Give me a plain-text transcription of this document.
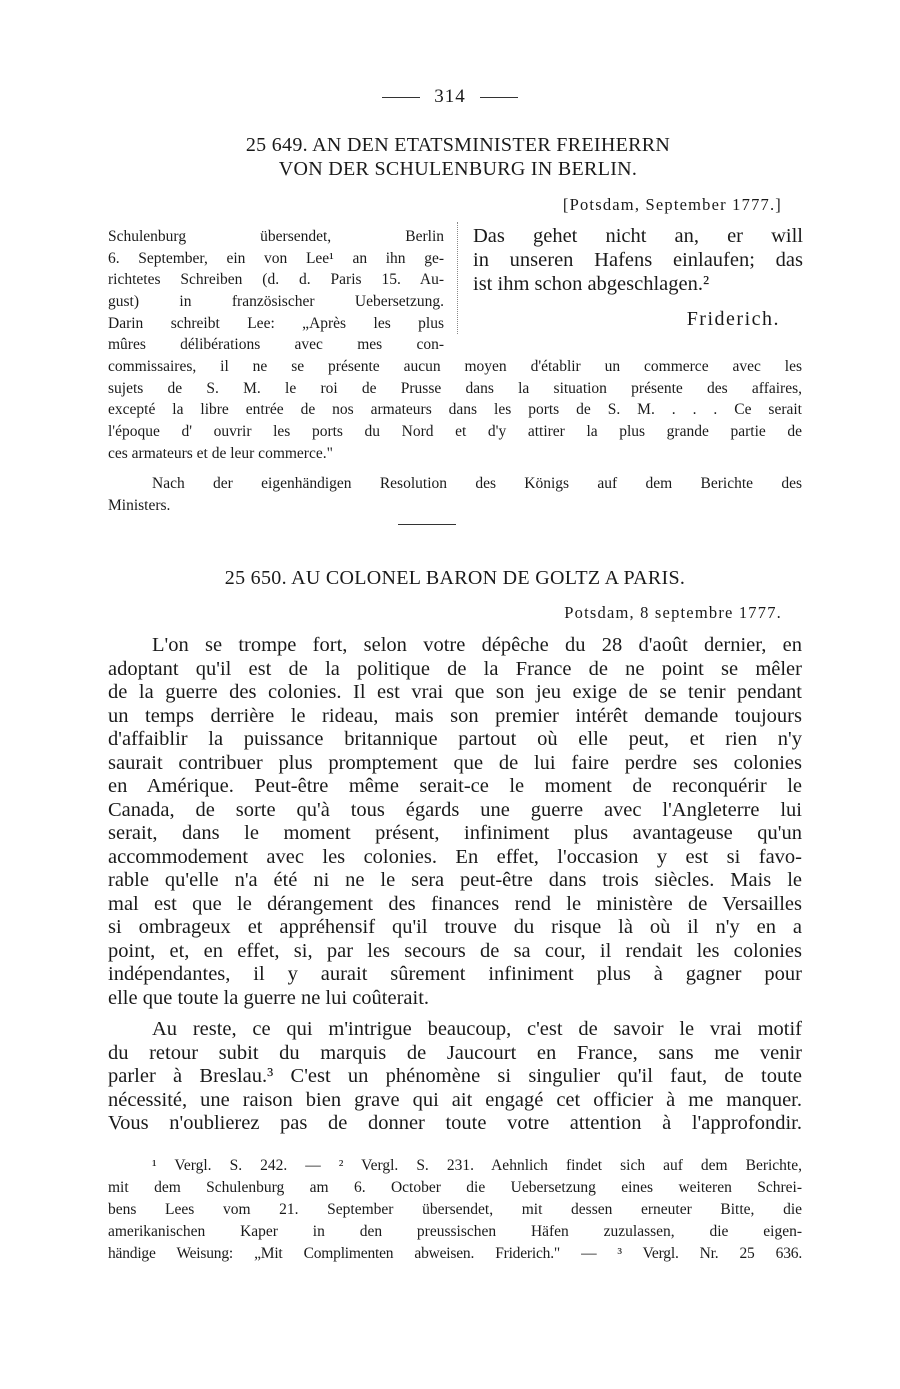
314
25 649. AN DEN ETATSMINISTER FREIHERRN
VON DER SCHULENBURG IN BERLIN.
[Potsdam, September 1777.]
Schulenburg übersendet, Berlin
6. September, ein von Lee¹ an ihn ge-
richtetes Schreiben (d. d. Paris 15. Au-
gust) in französischer Uebersetzung.
Darin schreibt Lee: „Après les plus
mûres délibérations avec mes con-
Das gehet nicht an, er will
in unseren Hafens einlaufen; das
ist ihm schon abgeschlagen.²
Friderich.
commissaires, il ne se présente aucun moyen d'établir un commerce avec les
sujets de S. M. le roi de Prusse dans la situation présente des affaires,
excepté la libre entrée de nos armateurs dans les ports de S. M. . . . Ce serait
l'époque d' ouvrir les ports du Nord et d'y attirer la plus grande partie de
ces armateurs et de leur commerce."
Nach der eigenhändigen Resolution des Königs auf dem Berichte des
Ministers.
25 650. AU COLONEL BARON DE GOLTZ A PARIS.
Potsdam, 8 septembre 1777.
L'on se trompe fort, selon votre dépêche du 28 d'août dernier, en
adoptant qu'il est de la politique de la France de ne point se mêler
de la guerre des colonies. Il est vrai que son jeu exige de se tenir pendant
un temps derrière le rideau, mais son premier intérêt demande toujours
d'affaiblir la puissance britannique partout où elle peut, et rien n'y
saurait contribuer plus promptement que de lui faire perdre ses colonies
en Amérique. Peut-être même serait-ce le moment de reconquérir le
Canada, de sorte qu'à tous égards une guerre avec l'Angleterre lui
serait, dans le moment présent, infiniment plus avantageuse qu'un
accommodement avec les colonies. En effet, l'occasion y est si favo-
rable qu'elle n'a été ni ne le sera peut-être dans trois siècles. Mais le
mal est que le dérangement des finances rend le ministère de Versailles
si ombrageux et appréhensif qu'il trouve du risque là où il n'y en a
point, et, en effet, si, par les secours de sa cour, il rendait les colonies
indépendantes, il y aurait sûrement infiniment plus à gagner pour
elle que toute la guerre ne lui coûterait.
Au reste, ce qui m'intrigue beaucoup, c'est de savoir le vrai motif
du retour subit du marquis de Jaucourt en France, sans me venir
parler à Breslau.³ C'est un phénomène si singulier qu'il faut, de toute
nécessité, une raison bien grave qui ait engagé cet officier à me manquer.
Vous n'oublierez pas de donner toute votre attention à l'approfondir.
¹ Vergl. S. 242. — ² Vergl. S. 231. Aehnlich findet sich auf dem Berichte,
mit dem Schulenburg am 6. October die Uebersetzung eines weiteren Schrei-
bens Lees vom 21. September übersendet, mit dessen erneuter Bitte, die
amerikanischen Kaper in den preussischen Häfen zuzulassen, die eigen-
händige Weisung: „Mit Complimenten abweisen. Friderich." — ³ Vergl. Nr. 25 636.
